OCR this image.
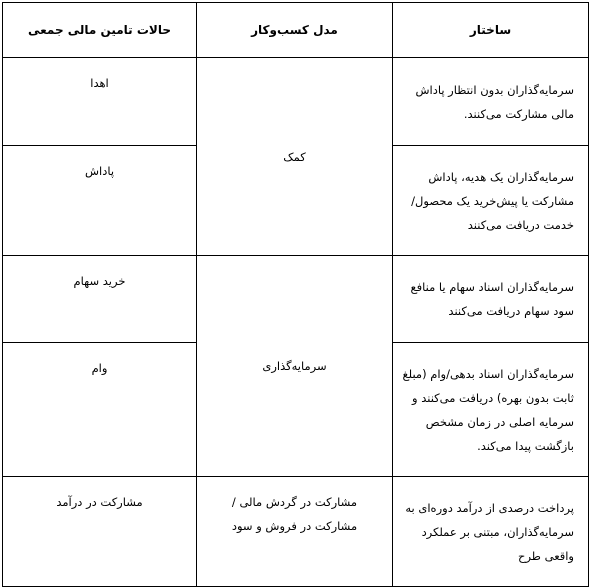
ساختار	مدل کسب‌وکار	حالات تامین مالی جمعی
سرمایه‌گذاران بدون انتظار پاداش مالی مشارکت می‌کنند.	کمک	اهدا
سرمایه‌گذاران یک هدیه، پاداش مشارکت یا پیش‌خرید یک محصول/خدمت دریافت می‌کنند		پاداش
سرمایه‌گذاران اسناد سهام یا منافع سود سهام دریافت می‌کنند	سرمایه‌گذاری	خرید سهام
سرمایه‌گذاران اسناد بدهی/وام (مبلغ ثابت بدون بهره) دریافت می‌کنند و سرمایه اصلی در زمان مشخص بازگشت پیدا می‌کند.		وام
پرداخت درصدی از درآمد دوره‌ای به سرمایه‌گذاران، مبتنی بر عملکرد واقعی طرح	مشارکت در گردش مالی / مشارکت در فروش و سود	مشارکت در درآمد
